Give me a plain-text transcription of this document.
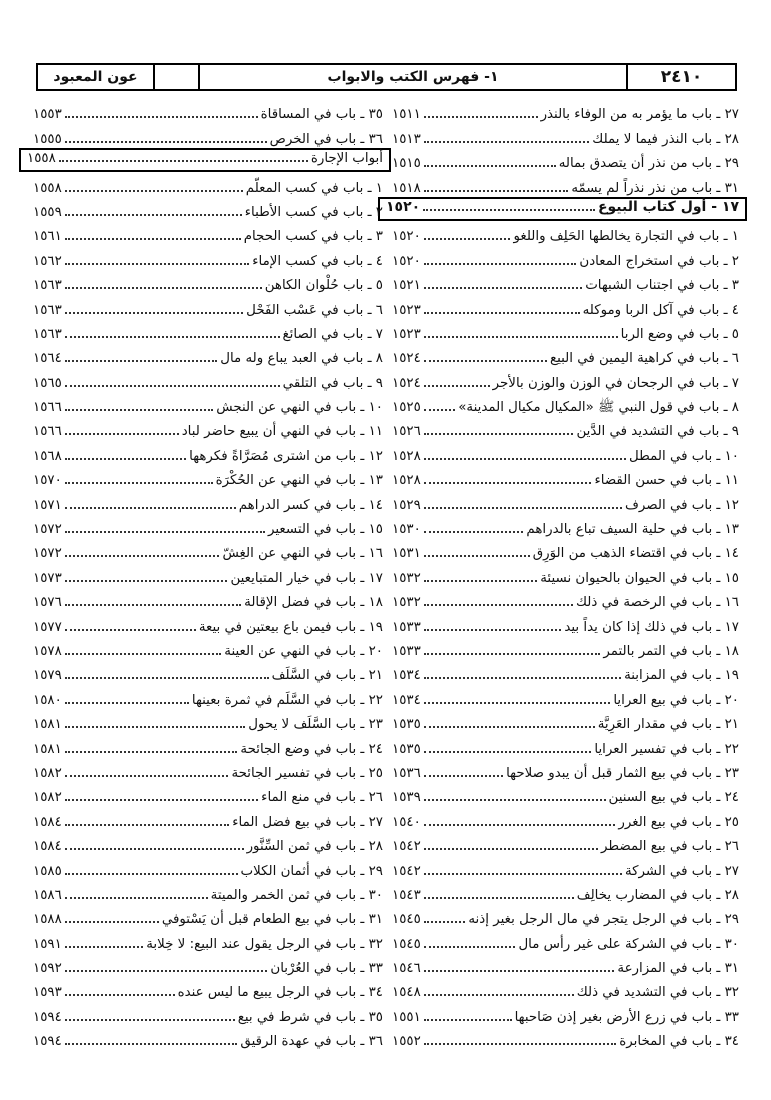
٢٤١٠
١- فهرس الكتب والابواب
عون المعبود
٢٧ ـ باب ما يؤمر به من الوفاء بالنذر
١٥١١
٢٨ ـ باب النذر فيما لا يملك
١٥١٣
٢٩ ـ باب من نذر أن يتصدق بماله
١٥١٥
٣١ ـ باب من نذر نذراً لم يسمّه
١٥١٨
١٧ - أول كتاب البيوع
١٥٢٠
١ ـ باب في التجارة يخالطها الحَلِف واللغو
١٥٢٠
٢ ـ باب في استخراج المعادن
١٥٢٠
٣ ـ باب في اجتناب الشبهات
١٥٢١
٤ ـ باب في آكل الربا وموكله
١٥٢٣
٥ ـ باب في وضع الربا
١٥٢٣
٦ ـ باب في كراهية اليمين في البيع
١٥٢٤
٧ ـ باب في الرجحان في الوزن والوزن بالأجر
١٥٢٤
٨ ـ باب في قول النبي ﷺ «المكيال مكيال المدينة»
١٥٢٥
٩ ـ باب في التشديد في الدَّين
١٥٢٦
١٠ ـ باب في المطل
١٥٢٨
١١ ـ باب في حسن القضاء
١٥٢٨
١٢ ـ باب في الصرف
١٥٢٩
١٣ ـ باب في حلية السيف تباع بالدراهم
١٥٣٠
١٤ ـ باب في اقتضاء الذهب من الوَرِق
١٥٣١
١٥ ـ باب في الحيوان بالحيوان نسيئة
١٥٣٢
١٦ ـ باب في الرخصة في ذلك
١٥٣٢
١٧ ـ باب في ذلك إذا كان يداً بيد
١٥٣٣
١٨ ـ باب في التمر بالتمر
١٥٣٣
١٩ ـ باب في المزابنة
١٥٣٤
٢٠ ـ باب في بيع العرايا
١٥٣٤
٢١ ـ باب في مقدار العَرِيَّة
١٥٣٥
٢٢ ـ باب في تفسير العرايا
١٥٣٥
٢٣ ـ باب في بيع الثمار قبل أن يبدو صلاحها
١٥٣٦
٢٤ ـ باب في بيع السنين
١٥٣٩
٢٥ ـ باب في بيع الغرر
١٥٤٠
٢٦ ـ باب في بيع المضطر
١٥٤٢
٢٧ ـ باب في الشركة
١٥٤٢
٢٨ ـ باب في المضارب يخالِف
١٥٤٣
٢٩ ـ باب في الرجل يتجر في مال الرجل بغير إذنه
١٥٤٥
٣٠ ـ باب في الشركة على غير رأس مال
١٥٤٥
٣١ ـ باب في المزارعة
١٥٤٦
٣٢ ـ باب في التشديد في ذلك
١٥٤٨
٣٣ ـ باب في زرع الأرض بغير إذن صَاحبها
١٥٥١
٣٤ ـ باب في المخابرة
١٥٥٢
٣٥ ـ باب في المساقاة
١٥٥٣
٣٦ ـ باب في الخرص
١٥٥٥
أبواب الإجارة
١٥٥٨
١ ـ باب في كسب المعلّم
١٥٥٨
٢ ـ باب في كسب الأطباء
١٥٥٩
٣ ـ باب في كسب الحجام
١٥٦١
٤ ـ باب في كسب الإماء
١٥٦٢
٥ ـ باب حُلْوان الكاهن
١٥٦٣
٦ ـ باب في عَسْب الفَحْل
١٥٦٣
٧ ـ باب في الصائغ
١٥٦٣
٨ ـ باب في العبد يباع وله مال
١٥٦٤
٩ ـ باب في التلقي
١٥٦٥
١٠ ـ باب في النهي عن النجش
١٥٦٦
١١ ـ باب في النهي أن يبيع حاضر لباد
١٥٦٦
١٢ ـ باب من اشترى مُصَرَّاةً فكرهها
١٥٦٨
١٣ ـ باب في النهي عن الحُكْرَة
١٥٧٠
١٤ ـ باب في كسر الدراهم
١٥٧١
١٥ ـ باب في التسعير
١٥٧٢
١٦ ـ باب في النهي عن الغِشّ
١٥٧٢
١٧ ـ باب في خيار المتبايعين
١٥٧٣
١٨ ـ باب في فضل الإقالة
١٥٧٦
١٩ ـ باب فيمن باع بيعتين في بيعة
١٥٧٧
٢٠ ـ باب في النهي عن العينة
١٥٧٨
٢١ ـ باب في السَّلَف
١٥٧٩
٢٢ ـ باب في السَّلَم في ثمرة بعينها
١٥٨٠
٢٣ ـ باب السَّلَف لا يحول
١٥٨١
٢٤ ـ باب في وضع الجائحة
١٥٨١
٢٥ ـ باب في تفسير الجائحة
١٥٨٢
٢٦ ـ باب في منع الماء
١٥٨٢
٢٧ ـ باب في بيع فضل الماء
١٥٨٤
٢٨ ـ باب في ثمن السِّنَّور
١٥٨٤
٢٩ ـ باب في أثمان الكلاب
١٥٨٥
٣٠ ـ باب في ثمن الخمر والميتة
١٥٨٦
٣١ ـ باب في بيع الطعام قبل أن يَسْتوفي
١٥٨٨
٣٢ ـ باب في الرجل يقول عند البيع: لا خِلابة
١٥٩١
٣٣ ـ باب في العُرْبان
١٥٩٢
٣٤ ـ باب في الرجل يبيع ما ليس عنده
١٥٩٣
٣٥ ـ باب في شرط في بيع
١٥٩٤
٣٦ ـ باب في عهدة الرقيق
١٥٩٤
